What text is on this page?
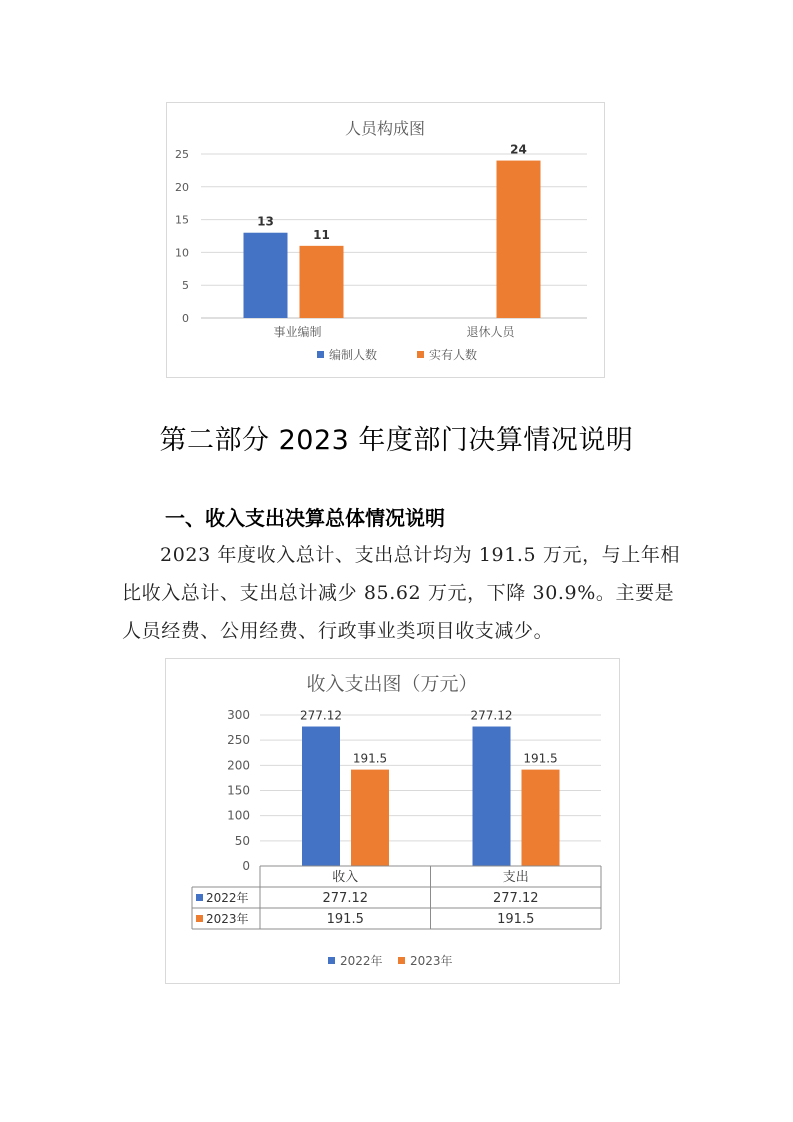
人员构成图
0
5
10
15
20
25
13
11
事业编制
24
退休人员
编制人数	实有人数
第二部分 2023 年度部门决算情况说明
一、收入支出决算总体情况说明

2023 年度收入总计、支出总计均为 191.5 万元，与上年相比收入总计、支出总计减少 85.62 万元，下降 30.9%。主要是人员经费、公用经费、行政事业类项目收支减少。

收入支出图（万元）
0
50
100
150
200
250
300	277.12
191.5
277.12
191.5
收入	支出
2022年	277.12	277.12
2023年	191.5	191.5
2022年 2023年
